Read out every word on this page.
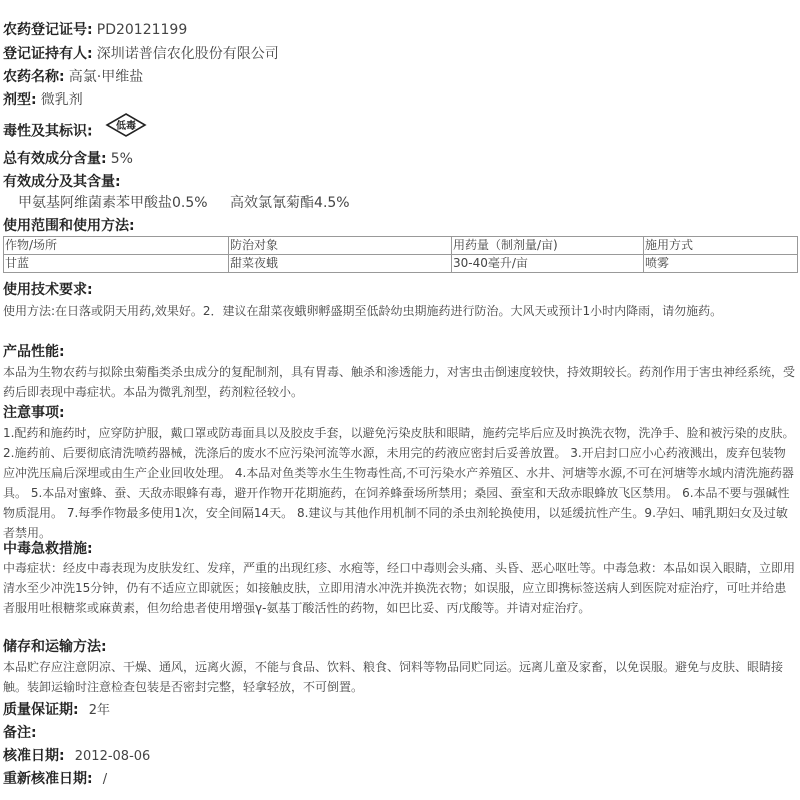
农药登记证号: PD20121199
登记证持有人: 深圳诺普信农化股份有限公司
农药名称: 高氯·甲维盐
剂型: 微乳剂
毒性及其标识: 低毒
总有效成分含量: 5%
有效成分及其含量:
甲氨基阿维菌素苯甲酸盐0.5% 高效氯氰菊酯4.5%
使用范围和使用方法:
作物/场所	防治对象	用药量（制剂量/亩)	施用方式
甘蓝	甜菜夜蛾	30-40毫升/亩	喷雾
使用技术要求:
使用方法:在日落或阴天用药,效果好。2．建议在甜菜夜蛾卵孵盛期至低龄幼虫期施药进行防治。大风天或预计1小时内降雨，请勿施药。
产品性能:
本品为生物农药与拟除虫菊酯类杀虫成分的复配制剂，具有胃毒、触杀和渗透能力，对害虫击倒速度较快，持效期较长。药剂作用于害虫神经系统，受药后即表现中毒症状。本品为微乳剂型，药剂粒径较小。
注意事项:
1.配药和施药时，应穿防护服，戴口罩或防毒面具以及胶皮手套，以避免污染皮肤和眼睛，施药完毕后应及时换洗衣物，洗净手、脸和被污染的皮肤。 2.施药前、后要彻底清洗喷药器械，洗涤后的废水不应污染河流等水源，未用完的药液应密封后妥善放置。 3.开启封口应小心药液溅出，废弃包装物应冲洗压扁后深埋或由生产企业回收处理。 4.本品对鱼类等水生生物毒性高,不可污染水产养殖区、水井、河塘等水源,不可在河塘等水域内清洗施药器具。 5.本品对蜜蜂、蚕、天敌赤眼蜂有毒，避开作物开花期施药，在饲养蜂蚕场所禁用；桑园、蚕室和天敌赤眼蜂放飞区禁用。 6.本品不要与强碱性物质混用。 7.每季作物最多使用1次，安全间隔14天。 8.建议与其他作用机制不同的杀虫剂轮换使用，以延缓抗性产生。9.孕妇、哺乳期妇女及过敏者禁用。
中毒急救措施:
中毒症状：经皮中毒表现为皮肤发红、发痒，严重的出现红疹、水疱等，经口中毒则会头痛、头昏、恶心呕吐等。中毒急救：本品如误入眼睛，立即用清水至少冲洗15分钟，仍有不适应立即就医；如接触皮肤，立即用清水冲洗并换洗衣物；如误服，应立即携标签送病人到医院对症治疗，可吐并给患者服用吐根糖浆或麻黄素，但勿给患者使用增强γ-氨基丁酸活性的药物，如巴比妥、丙戊酸等。并请对症治疗。
储存和运输方法:
本品贮存应注意阴凉、干燥、通风，远离火源，不能与食品、饮料、粮食、饲料等物品同贮同运。远离儿童及家畜，以免误服。避免与皮肤、眼睛接触。装卸运输时注意检查包装是否密封完整，轻拿轻放，不可倒置。
质量保证期: 2年
备注:
核准日期: 2012-08-06
重新核准日期: /
